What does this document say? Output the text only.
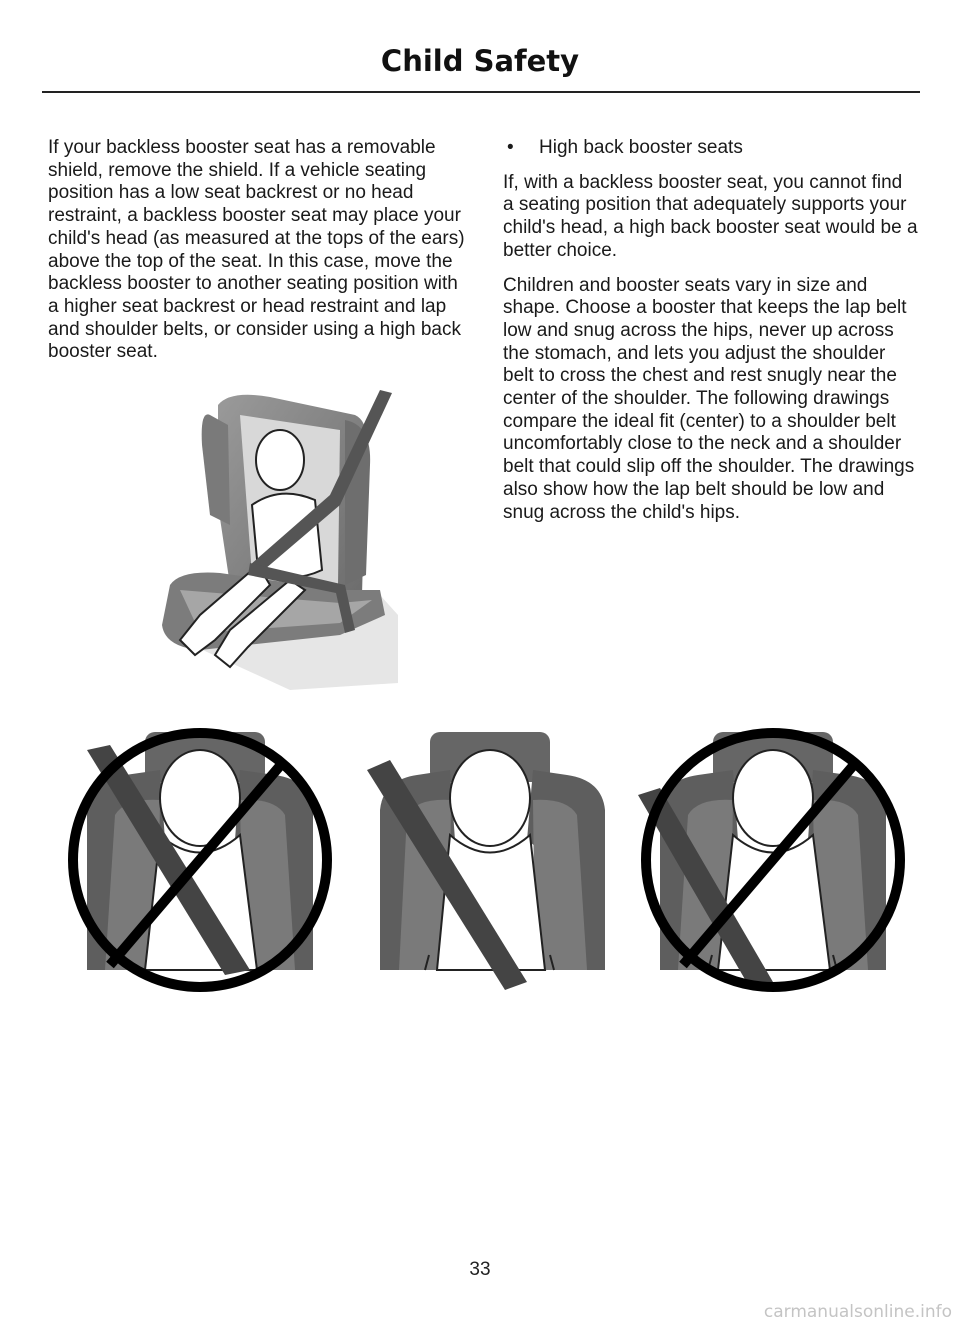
Child Safety

If your backless booster seat has a removable shield, remove the shield. If a vehicle seating position has a low seat backrest or no head restraint, a backless booster seat may place your child's head (as measured at the tops of the ears) above the top of the seat. In this case, move the backless booster to another seating position with a higher seat backrest or head restraint and lap and shoulder belts, or consider using a high back booster seat.

•	High back booster seats

If, with a backless booster seat, you cannot find a seating position that adequately supports your child's head, a high back booster seat would be a better choice.

Children and booster seats vary in size and shape. Choose a booster that keeps the lap belt low and snug across the hips, never up across the stomach, and lets you adjust the shoulder belt to cross the chest and rest snugly near the center of the shoulder. The following drawings compare the ideal fit (center) to a shoulder belt uncomfortably close to the neck and a shoulder belt that could slip off the shoulder. The drawings also show how the lap belt should be low and snug across the child's hips.

33
carmanualsonline.info
